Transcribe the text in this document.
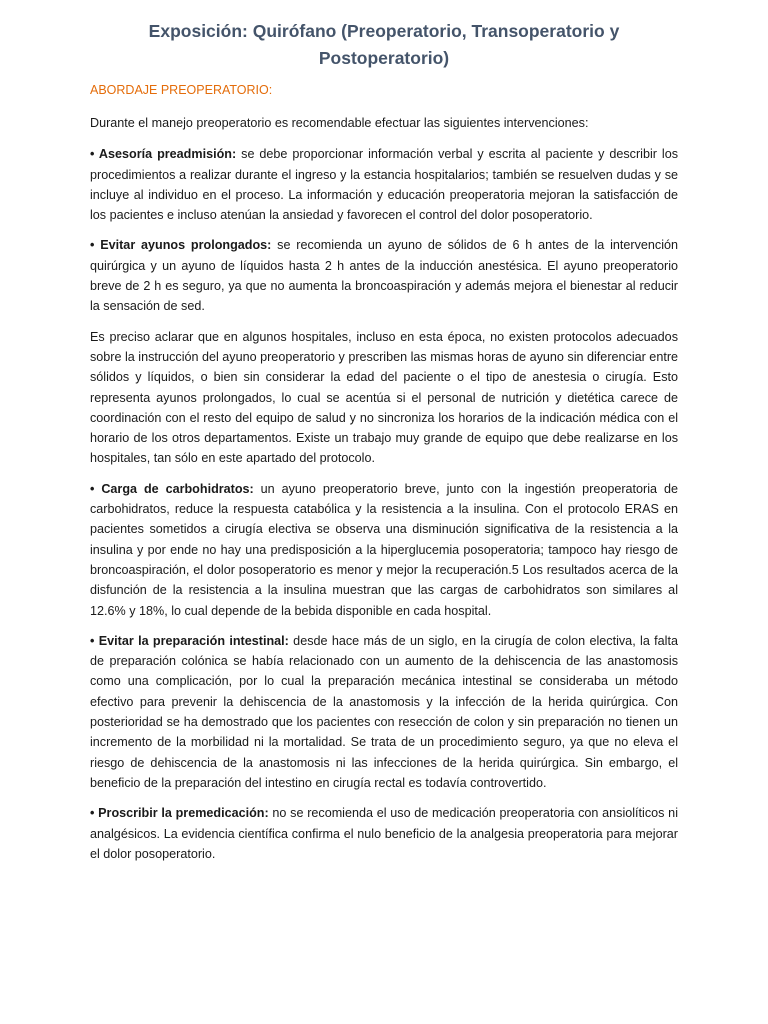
Exposición: Quirófano (Preoperatorio, Transoperatorio y
Postoperatorio)
ABORDAJE PREOPERATORIO:

Durante el manejo preoperatorio es recomendable efectuar las siguientes intervenciones:

• Asesoría preadmisión: se debe proporcionar información verbal y escrita al paciente y describir los procedimientos a realizar durante el ingreso y la estancia hospitalarios; también se resuelven dudas y se incluye al individuo en el proceso. La información y educación preoperatoria mejoran la satisfacción de los pacientes e incluso atenúan la ansiedad y favorecen el control del dolor posoperatorio.

• Evitar ayunos prolongados: se recomienda un ayuno de sólidos de 6 h antes de la intervención quirúrgica y un ayuno de líquidos hasta 2 h antes de la inducción anestésica. El ayuno preoperatorio breve de 2 h es seguro, ya que no aumenta la broncoaspiración y además mejora el bienestar al reducir la sensación de sed.

Es preciso aclarar que en algunos hospitales, incluso en esta época, no existen protocolos adecuados sobre la instrucción del ayuno preoperatorio y prescriben las mismas horas de ayuno sin diferenciar entre sólidos y líquidos, o bien sin considerar la edad del paciente o el tipo de anestesia o cirugía. Esto representa ayunos prolongados, lo cual se acentúa si el personal de nutrición y dietética carece de coordinación con el resto del equipo de salud y no sincroniza los horarios de la indicación médica con el horario de los otros departamentos. Existe un trabajo muy grande de equipo que debe realizarse en los hospitales, tan sólo en este apartado del protocolo.

• Carga de carbohidratos: un ayuno preoperatorio breve, junto con la ingestión preoperatoria de carbohidratos, reduce la respuesta catabólica y la resistencia a la insulina. Con el protocolo ERAS en pacientes sometidos a cirugía electiva se observa una disminución significativa de la resistencia a la insulina y por ende no hay una predisposición a la hiperglucemia posoperatoria; tampoco hay riesgo de broncoaspiración, el dolor posoperatorio es menor y mejor la recuperación.5 Los resultados acerca de la disfunción de la resistencia a la insulina muestran que las cargas de carbohidratos son similares al 12.6% y 18%, lo cual depende de la bebida disponible en cada hospital.

• Evitar la preparación intestinal: desde hace más de un siglo, en la cirugía de colon electiva, la falta de preparación colónica se había relacionado con un aumento de la dehiscencia de las anastomosis como una complicación, por lo cual la preparación mecánica intestinal se consideraba un método efectivo para prevenir la dehiscencia de la anastomosis y la infección de la herida quirúrgica. Con posterioridad se ha demostrado que los pacientes con resección de colon y sin preparación no tienen un incremento de la morbilidad ni la mortalidad. Se trata de un procedimiento seguro, ya que no eleva el riesgo de dehiscencia de la anastomosis ni las infecciones de la herida quirúrgica. Sin embargo, el beneficio de la preparación del intestino en cirugía rectal es todavía controvertido.

• Proscribir la premedicación: no se recomienda el uso de medicación preoperatoria con ansiolíticos ni analgésicos. La evidencia científica confirma el nulo beneficio de la analgesia preoperatoria para mejorar el dolor posoperatorio.
